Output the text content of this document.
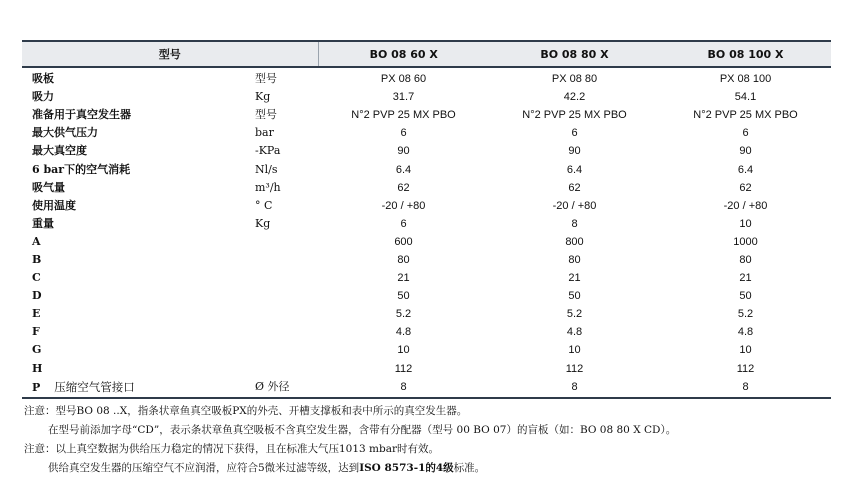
型号		BO 08 60 X	BO 08 80 X	BO 08 100 X
吸板	型号	PX 08 60	PX 08 80	PX 08 100
吸力	Kg	31.7	42.2	54.1
准备用于真空发生器	型号	N°2 PVP 25 MX PBO	N°2 PVP 25 MX PBO	N°2 PVP 25 MX PBO
最大供气压力	bar	6	6	6
最大真空度	-KPa	90	90	90
6 bar下的空气消耗	Nl/s	6.4	6.4	6.4
吸气量	m³/h	62	62	62
使用温度	° C	-20 / +80	-20 / +80	-20 / +80
重量	Kg	6	8	10
A		600	800	1000
B		80	80	80
C		21	21	21
D		50	50	50
E		5.2	5.2	5.2
F		4.8	4.8	4.8
G		10	10	10
H		112	112	112
P 压缩空气管接口	Ø 外径	8	8	8
注意：型号BO 08 ..X，指条状章鱼真空吸板PX的外壳、开槽支撑板和表中所示的真空发生器。
在型号前添加字母“CD”，表示条状章鱼真空吸板不含真空发生器，含带有分配器（型号 00 BO 07）的盲板（如：BO 08 80 X CD）。
注意：以上真空数据为供给压力稳定的情况下获得，且在标准大气压1013 mbar时有效。
供给真空发生器的压缩空气不应润滑，应符合5微米过滤等级，达到ISO 8573-1的4级标准。
